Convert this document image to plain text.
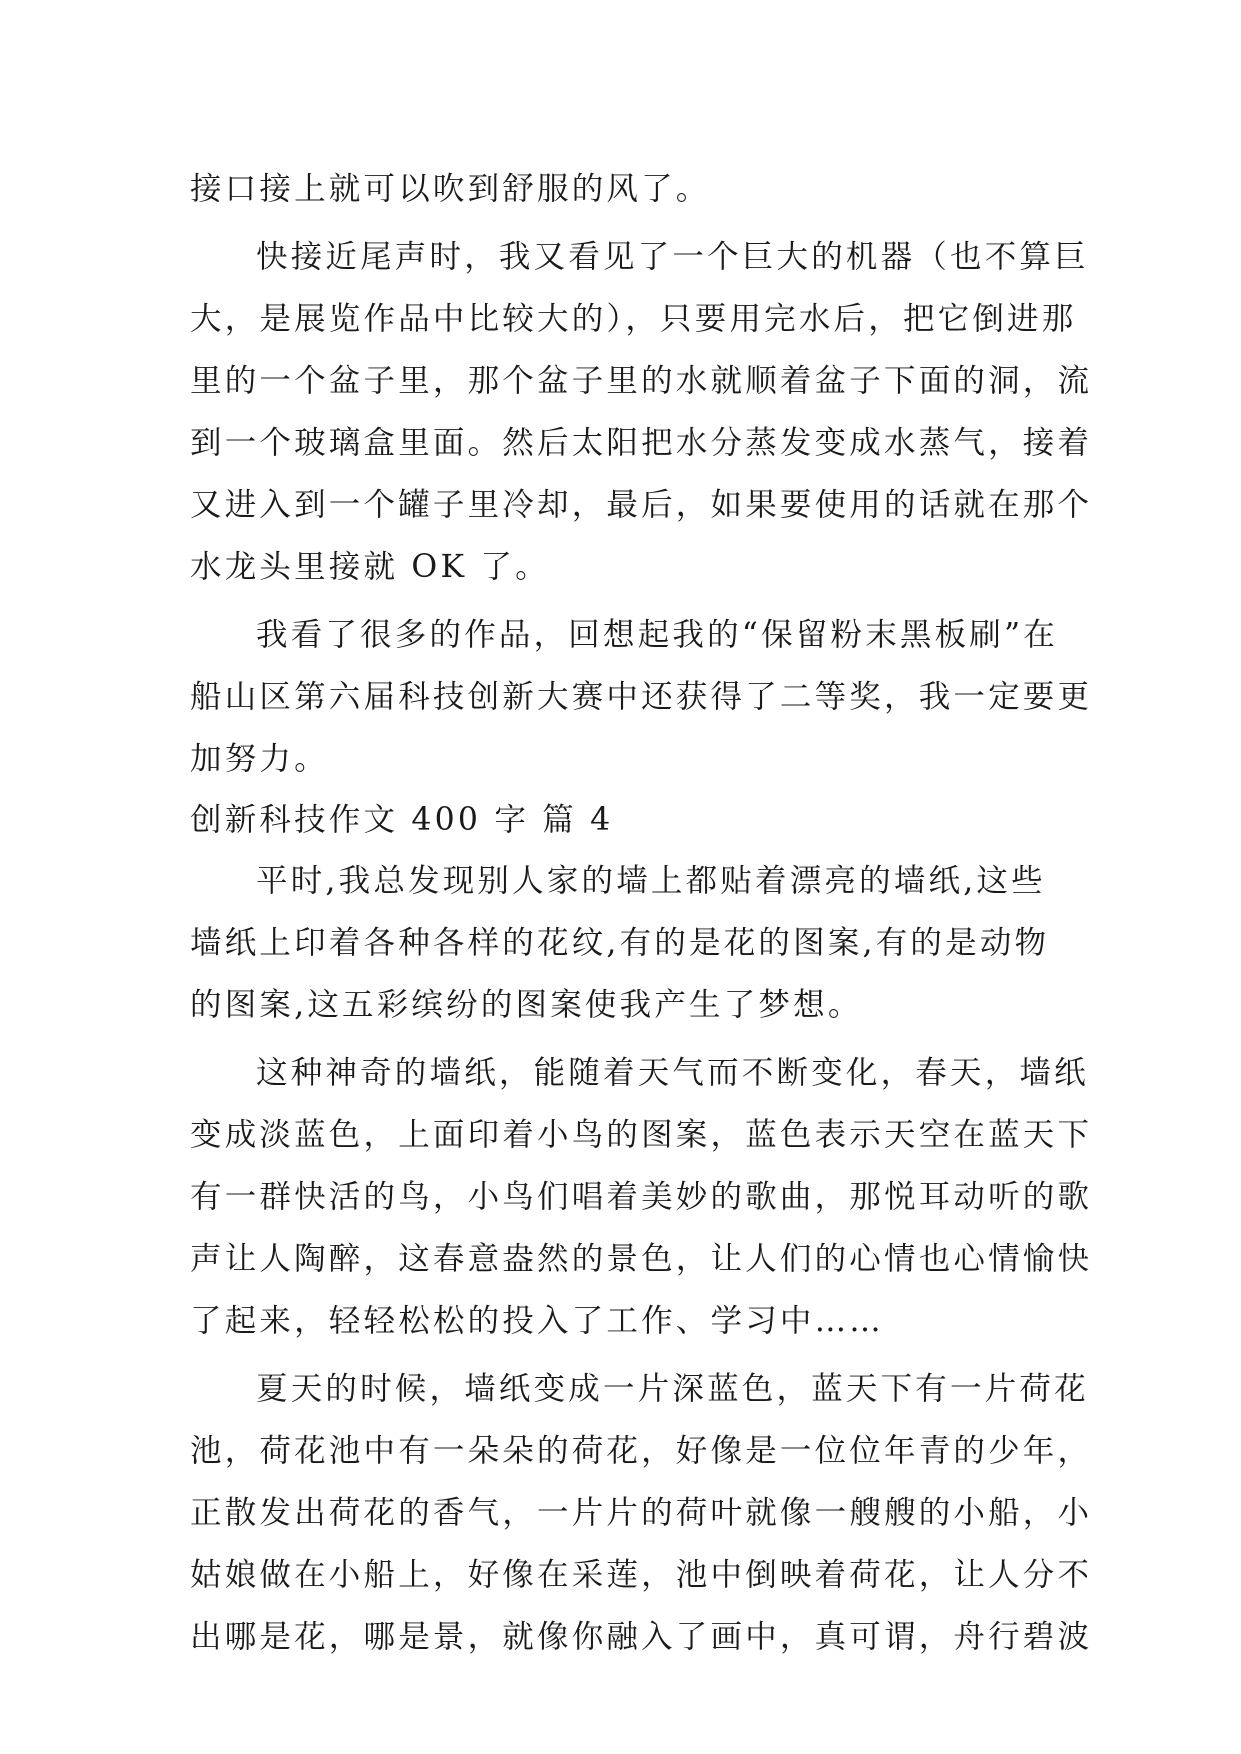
接口接上就可以吹到舒服的风了。
快接近尾声时，我又看见了一个巨大的机器（也不算巨
大，是展览作品中比较大的），只要用完水后，把它倒进那
里的一个盆子里，那个盆子里的水就顺着盆子下面的洞，流
到一个玻璃盒里面。然后太阳把水分蒸发变成水蒸气，接着
又进入到一个罐子里冷却，最后，如果要使用的话就在那个
水龙头里接就 OK 了。
我看了很多的作品，回想起我的“保留粉末黑板刷”在
船山区第六届科技创新大赛中还获得了二等奖，我一定要更
加努力。
创新科技作文 400 字 篇 4
平时,我总发现别人家的墙上都贴着漂亮的墙纸,这些
墙纸上印着各种各样的花纹,有的是花的图案,有的是动物
的图案,这五彩缤纷的图案使我产生了梦想。
这种神奇的墙纸，能随着天气而不断变化，春天，墙纸
变成淡蓝色，上面印着小鸟的图案，蓝色表示天空在蓝天下
有一群快活的鸟，小鸟们唱着美妙的歌曲，那悦耳动听的歌
声让人陶醉，这春意盎然的景色，让人们的心情也心情愉快
了起来，轻轻松松的投入了工作、学习中……
夏天的时候，墙纸变成一片深蓝色，蓝天下有一片荷花
池，荷花池中有一朵朵的荷花，好像是一位位年青的少年，
正散发出荷花的香气，一片片的荷叶就像一艘艘的小船，小
姑娘做在小船上，好像在采莲，池中倒映着荷花，让人分不
出哪是花，哪是景，就像你融入了画中，真可谓，舟行碧波
